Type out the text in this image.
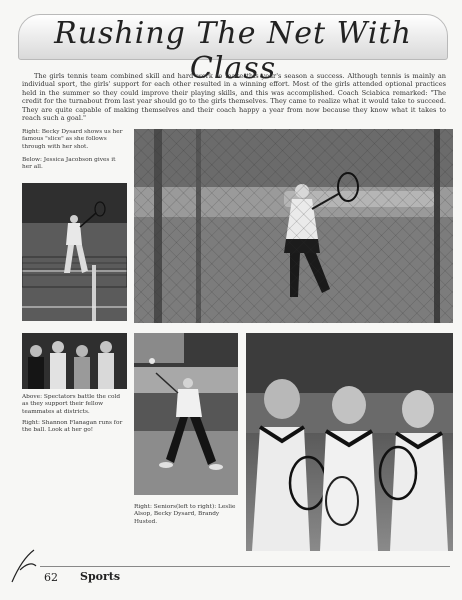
Rushing The Net With Class

The girls tennis team combined skill and hard work to make this year's season a success. Although tennis is mainly an individual sport, the girls' support for each other resulted in a winning effort. Most of the girls attended optional practices held in the summer so they could improve their playing skills, and this was accomplished. Coach Sciabica remarked: "The credit for the turnabout from last year should go to the girls themselves. They came to realize what it would take to succeed. They are quite capable of making themselves and their coach happy a year from now because they know what it takes to reach such a goal."

Right: Becky Dysard shows us her famous "slice" as she follows through with her shot.
Below: Jessica Jacobson gives it her all.
Above: Spectators battle the cold as they support their fellow teammates at districts.
Right: Shannon Flanagan runs for the ball. Look at her go!
Right: Seniors(left to right): Leslie Alsop, Becky Dysard, Brandy Husted.
62 Sports
